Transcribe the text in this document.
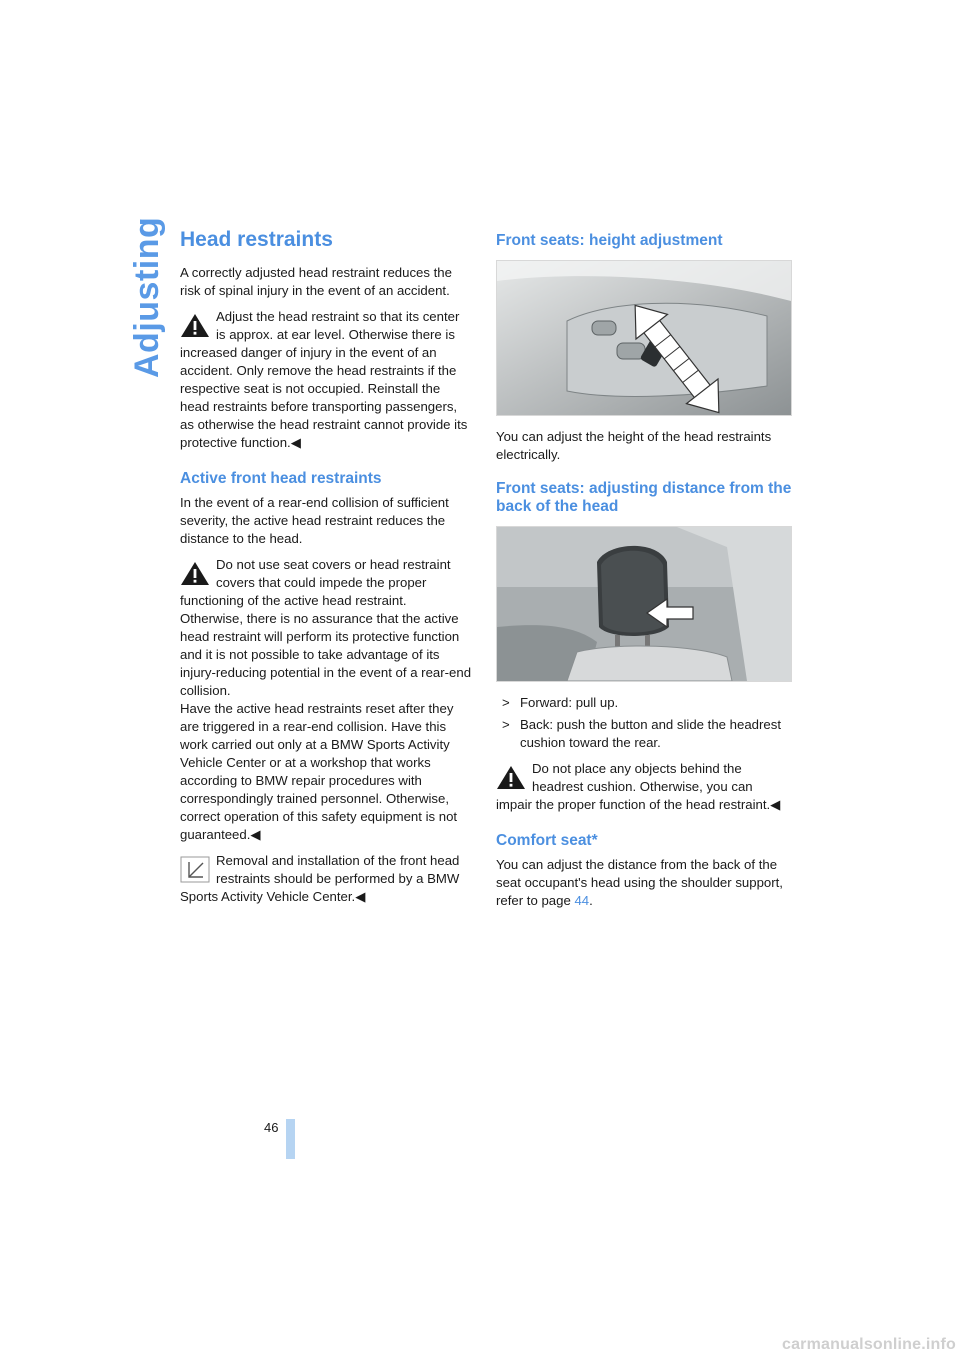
Adjusting Head restraints

A correctly adjusted head restraint reduces the risk of spinal injury in the event of an accident.

Adjust the head restraint so that its center is approx. at ear level. Otherwise there is

increased danger of injury in the event of an accident. Only remove the head restraints if the respective seat is not occupied. Reinstall the head restraints before transporting passengers, as otherwise the head restraint cannot provide its protective function.◀

Active front head restraints

In the event of a rear-end collision of sufficient severity, the active head restraint reduces the distance to the head.

Do not use seat covers or head restraint covers that could impede the proper

functioning of the active head restraint. Otherwise, there is no assurance that the active head restraint will perform its protective function and it is not possible to take advantage of its injury-reducing potential in the event of a rear-end collision.

Have the active head restraints reset after they are triggered in a rear-end collision. Have this work carried out only at a BMW Sports Activity Vehicle Center or at a workshop that works according to BMW repair procedures with correspondingly trained personnel. Otherwise, correct operation of this safety equipment is not guaranteed.◀

Removal and installation of the front head restraints should be performed by a BMW

Sports Activity Vehicle Center.◀

Front seats: height adjustment

You can adjust the height of the head restraints electrically.

Front seats: adjusting distance from the back of the head
> Forward: pull up.
> Back: push the button and slide the headrest cushion toward the rear.

Do not place any objects behind the headrest cushion. Otherwise, you can

impair the proper function of the head restraint.◀

Comfort seat*

You can adjust the distance from the back of the seat occupant's head using the shoulder support, refer to page 44.

46
carmanualsonline.info
